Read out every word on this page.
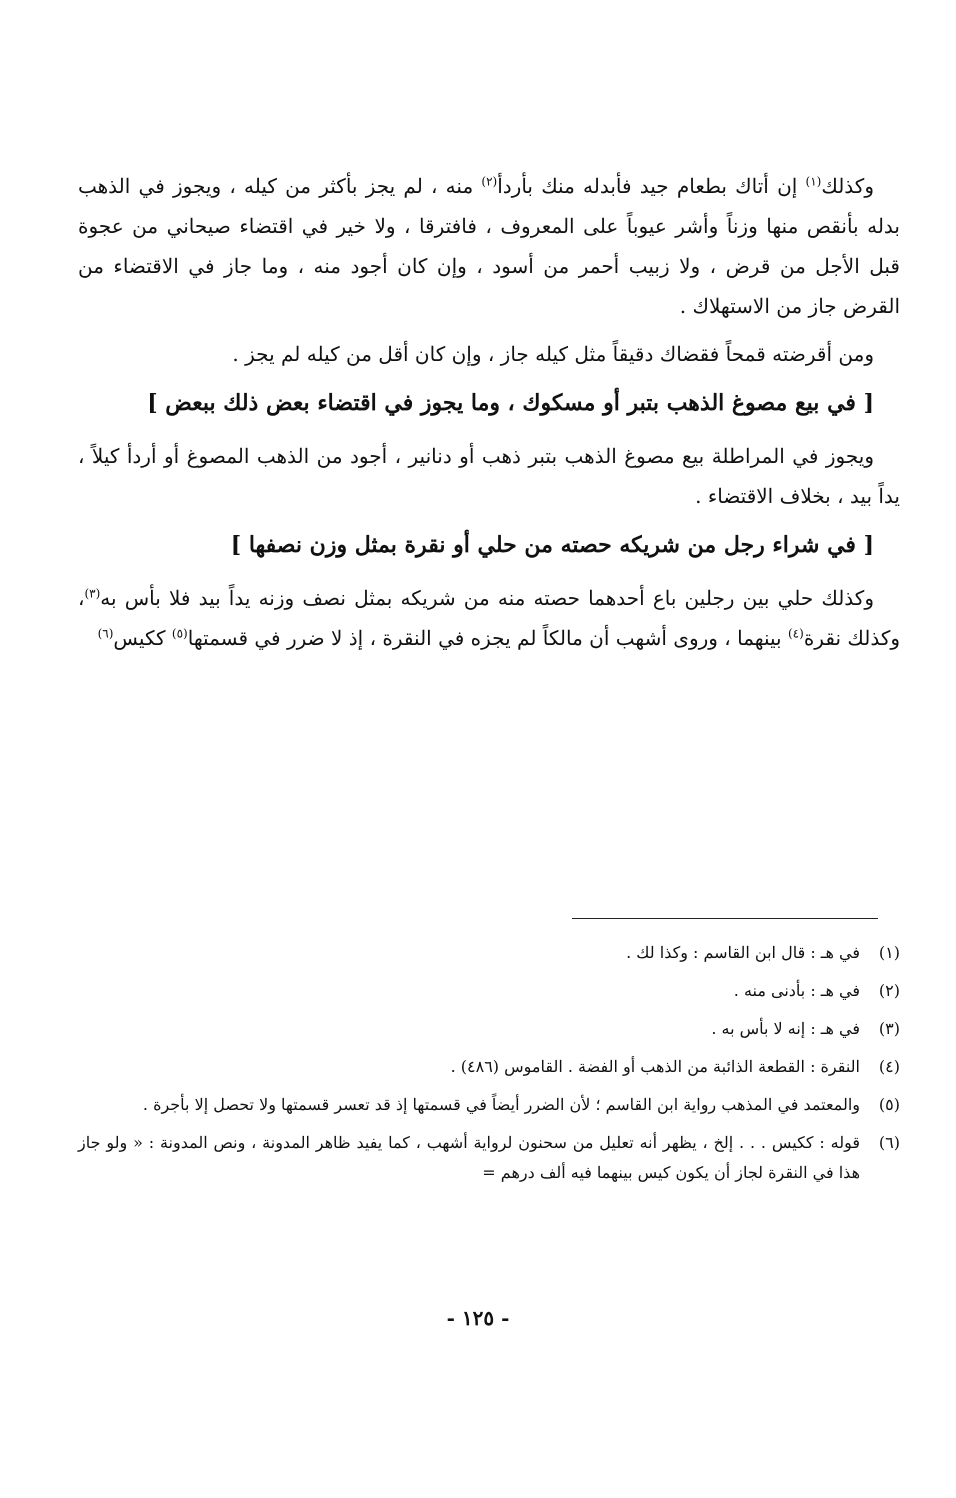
وكذلك$^{(١)}$ إن أتاك بطعام جيد فأبدله منك بأردأ$^{(٢)}$ منه ، لم يجز بأكثر من كيله ، ويجوز في الذهب بدله بأنقص منها وزناً وأشر عيوباً على المعروف ، فافترقا ، ولا خير في اقتضاء صيحاني من عجوة قبل الأجل من قرض ، ولا زبيب أحمر من أسود ، وإن كان أجود منه ، وما جاز في الاقتضاء من القرض جاز من الاستهلاك .

ومن أقرضته قمحاً فقضاك دقيقاً مثل كيله جاز ، وإن كان أقل من كيله لم يجز .

[ في بيع مصوغ الذهب بتبر أو مسكوك ، وما يجوز في اقتضاء بعض ذلك ببعض ]

ويجوز في المراطلة بيع مصوغ الذهب بتبر ذهب أو دنانير ، أجود من الذهب المصوغ أو أردأ كيلاً ، يداً بيد ، بخلاف الاقتضاء .

[ في شراء رجل من شريكه حصته من حلي أو نقرة بمثل وزن نصفها ]

وكذلك حلي بين رجلين باع أحدهما حصته منه من شريكه بمثل نصف وزنه يداً بيد فلا بأس به$^{(٣)}$، وكذلك نقرة$^{(٤)}$ بينهما ، وروى أشهب أن مالكاً لم يجزه في النقرة ، إذ لا ضرر في قسمتها$^{(٥)}$ ككيس$^{(٦)}$

(١)
في هـ : قال ابن القاسم : وكذا لك .
(٢)
في هـ : بأدنى منه .
(٣)
في هـ : إنه لا بأس به .
(٤)
النقرة : القطعة الذائبة من الذهب أو الفضة . القاموس (٤٨٦) .
(٥)
والمعتمد في المذهب رواية ابن القاسم ؛ لأن الضرر أيضاً في قسمتها إذ قد تعسر قسمتها ولا تحصل إلا بأجرة .
(٦)
قوله : ككيس . . . إلخ ، يظهر أنه تعليل من سحنون لرواية أشهب ، كما يفيد ظاهر المدونة ، ونص المدونة : « ولو جاز هذا في النقرة لجاز أن يكون كيس بينهما فيه ألف درهم =
- ١٢٥ -
